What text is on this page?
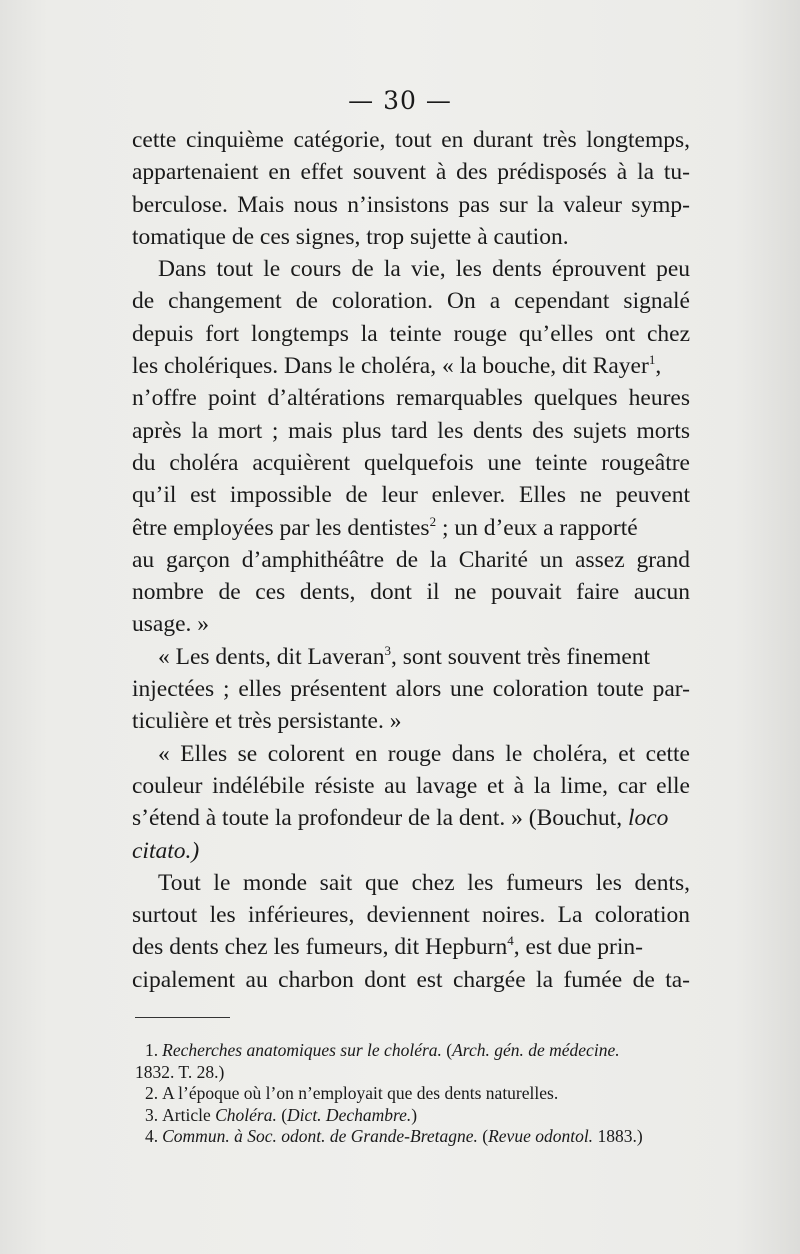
— 30 —
cette cinquième catégorie, tout en durant très longtemps,
appartenaient en effet souvent à des prédisposés à la tu-
berculose. Mais nous n’insistons pas sur la valeur symp-
tomatique de ces signes, trop sujette à caution.
Dans tout le cours de la vie, les dents éprouvent peu
de changement de coloration. On a cependant signalé
depuis fort longtemps la teinte rouge qu’elles ont chez
les cholériques. Dans le choléra, « la bouche, dit Rayer$^1$,
n’offre point d’altérations remarquables quelques heures
après la mort ; mais plus tard les dents des sujets morts
du choléra acquièrent quelquefois une teinte rougeâtre
qu’il est impossible de leur enlever. Elles ne peuvent
être employées par les dentistes$^2$ ; un d’eux a rapporté
au garçon d’amphithéâtre de la Charité un assez grand
nombre de ces dents, dont il ne pouvait faire aucun
usage. »
« Les dents, dit Laveran$^3$, sont souvent très finement
injectées ; elles présentent alors une coloration toute par-
ticulière et très persistante. »
« Elles se colorent en rouge dans le choléra, et cette
couleur indélébile résiste au lavage et à la lime, car elle
s’étend à toute la profondeur de la dent. » (Bouchut, loco
citato.)
Tout le monde sait que chez les fumeurs les dents,
surtout les inférieures, deviennent noires. La coloration
des dents chez les fumeurs, dit Hepburn$^4$, est due prin-
cipalement au charbon dont est chargée la fumée de ta-
1. Recherches anatomiques sur le choléra. (Arch. gén. de médecine.
1832. T. 28.)
2. A l’époque où l’on n’employait que des dents naturelles.
3. Article Choléra. (Dict. Dechambre.)
4. Commun. à Soc. odont. de Grande-Bretagne. (Revue odontol. 1883.)
